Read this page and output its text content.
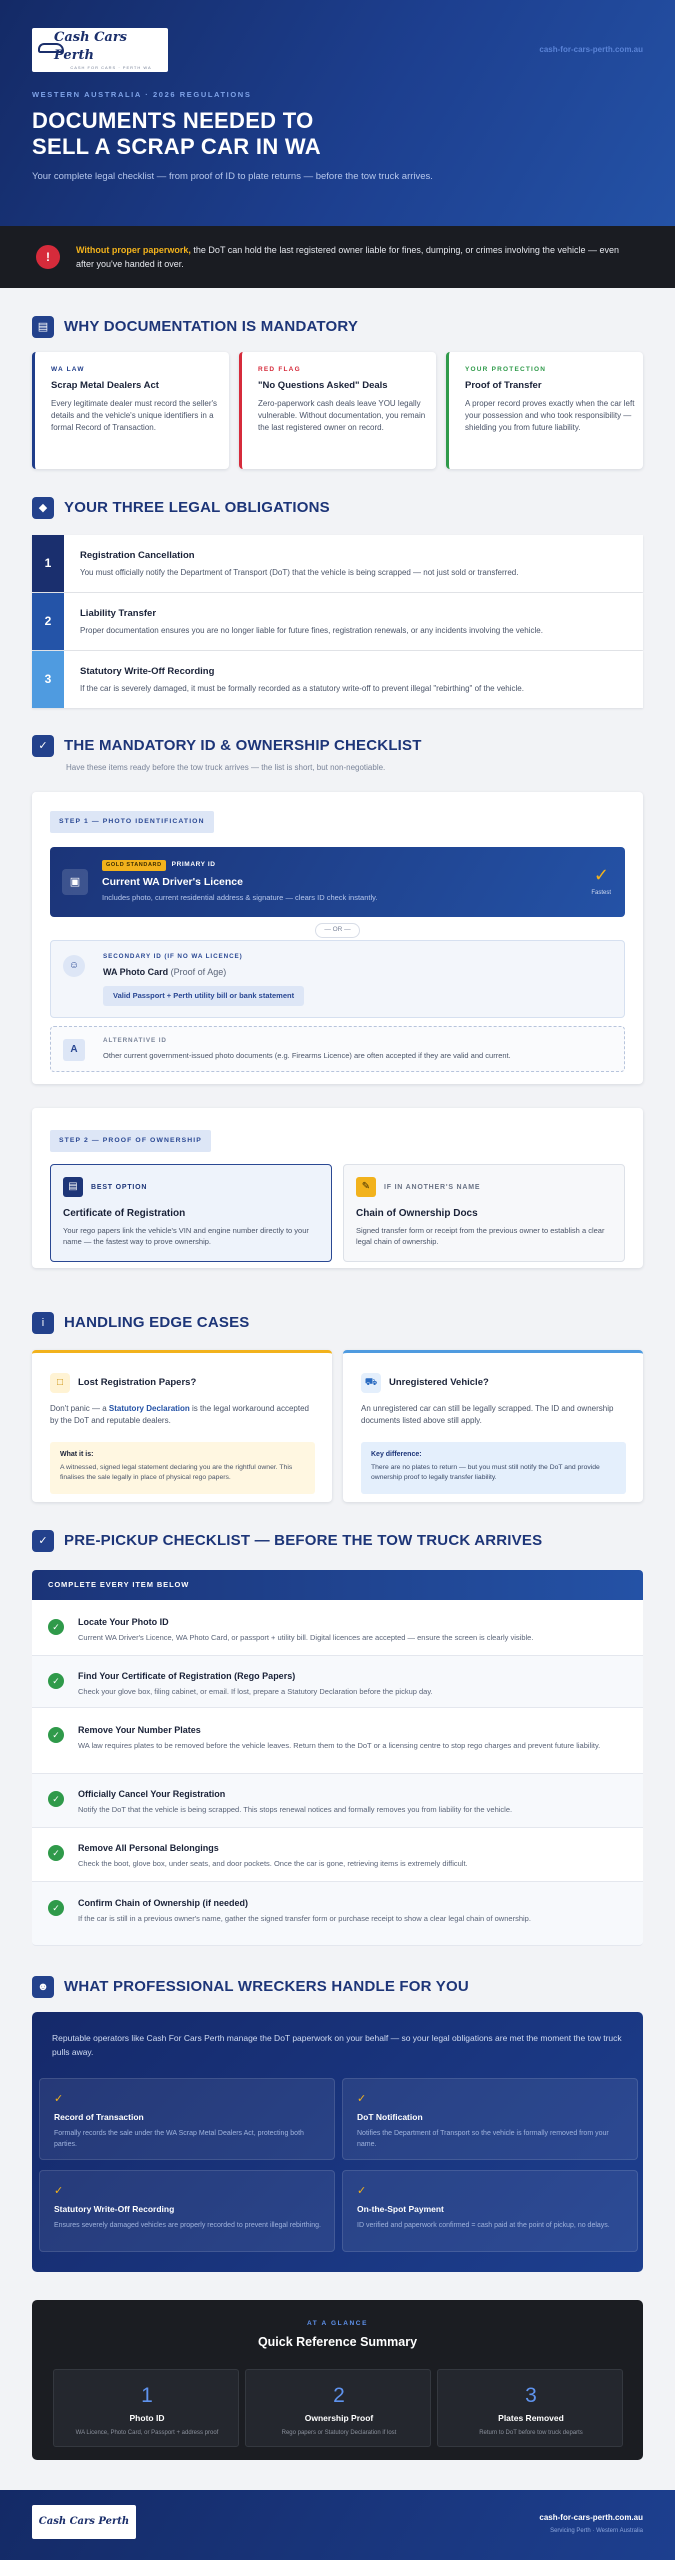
Cash Cars Perth
CASH FOR CARS · PERTH WA
cash-for-cars-perth.com.au
WESTERN AUSTRALIA · 2026 REGULATIONS
DOCUMENTS NEEDED TO
SELL A SCRAP CAR IN WA
Your complete legal checklist — from proof of ID to plate returns — before the tow truck arrives.
!	Without proper paperwork, the DoT can hold the last registered owner liable for fines, dumping, or crimes involving the vehicle — even after you've handed it over.
▤	WHY DOCUMENTATION IS MANDATORY
WA LAW
Scrap Metal Dealers Act
Every legitimate dealer must record the seller's details and the vehicle's unique identifiers in a formal Record of Transaction.
RED FLAG
"No Questions Asked" Deals
Zero-paperwork cash deals leave YOU legally vulnerable. Without documentation, you remain the last registered owner on record.
YOUR PROTECTION
Proof of Transfer
A proper record proves exactly when the car left your possession and who took responsibility — shielding you from future liability.
◆	YOUR THREE LEGAL OBLIGATIONS
1
Registration Cancellation
You must officially notify the Department of Transport (DoT) that the vehicle is being scrapped — not just sold or transferred.
2
Liability Transfer
Proper documentation ensures you are no longer liable for future fines, registration renewals, or any incidents involving the vehicle.
3
Statutory Write-Off Recording
If the car is severely damaged, it must be formally recorded as a statutory write-off to prevent illegal "rebirthing" of the vehicle.
✓	THE MANDATORY ID & OWNERSHIP CHECKLIST
Have these items ready before the tow truck arrives — the list is short, but non-negotiable.
STEP 1 — PHOTO IDENTIFICATION
▣
GOLD STANDARD	PRIMARY ID
Current WA Driver's Licence
Includes photo, current residential address & signature — clears ID check instantly.
✓
Fastest
— OR —
☺
SECONDARY ID (IF NO WA LICENCE)
WA Photo Card (Proof of Age)
Valid Passport + Perth utility bill or bank statement
A
ALTERNATIVE ID
Other current government-issued photo documents (e.g. Firearms Licence) are often accepted if they are valid and current.
STEP 2 — PROOF OF OWNERSHIP
▤	BEST OPTION
Certificate of Registration
Your rego papers link the vehicle's VIN and engine number directly to your name — the fastest way to prove ownership.
✎	IF IN ANOTHER'S NAME
Chain of Ownership Docs
Signed transfer form or receipt from the previous owner to establish a clear legal chain of ownership.
i	HANDLING EDGE CASES
□	Lost Registration Papers?
Don't panic — a Statutory Declaration is the legal workaround accepted by the DoT and reputable dealers.
What it is:
A witnessed, signed legal statement declaring you are the rightful owner. This finalises the sale legally in place of physical rego papers.
⛟	Unregistered Vehicle?
An unregistered car can still be legally scrapped. The ID and ownership documents listed above still apply.
Key difference:
There are no plates to return — but you must still notify the DoT and provide ownership proof to legally transfer liability.
✓	PRE-PICKUP CHECKLIST — BEFORE THE TOW TRUCK ARRIVES
COMPLETE EVERY ITEM BELOW
✓	Locate Your Photo ID
Current WA Driver's Licence, WA Photo Card, or passport + utility bill. Digital licences are accepted — ensure the screen is clearly visible.
✓	Find Your Certificate of Registration (Rego Papers)
Check your glove box, filing cabinet, or email. If lost, prepare a Statutory Declaration before the pickup day.
✓	Remove Your Number Plates
WA law requires plates to be removed before the vehicle leaves. Return them to the DoT or a licensing centre to stop rego charges and prevent future liability.
✓	Officially Cancel Your Registration
Notify the DoT that the vehicle is being scrapped. This stops renewal notices and formally removes you from liability for the vehicle.
✓	Remove All Personal Belongings
Check the boot, glove box, under seats, and door pockets. Once the car is gone, retrieving items is extremely difficult.
✓	Confirm Chain of Ownership (if needed)
If the car is still in a previous owner's name, gather the signed transfer form or purchase receipt to show a clear legal chain of ownership.
☻	WHAT PROFESSIONAL WRECKERS HANDLE FOR YOU
Reputable operators like Cash For Cars Perth manage the DoT paperwork on your behalf — so your legal obligations are met the moment the tow truck pulls away.
✓
Record of Transaction
Formally records the sale under the WA Scrap Metal Dealers Act, protecting both parties.
✓
DoT Notification
Notifies the Department of Transport so the vehicle is formally removed from your name.
✓
Statutory Write-Off Recording
Ensures severely damaged vehicles are properly recorded to prevent illegal rebirthing.
✓
On-the-Spot Payment
ID verified and paperwork confirmed = cash paid at the point of pickup, no delays.
AT A GLANCE
Quick Reference Summary
1
Photo ID
WA Licence, Photo Card, or Passport + address proof
2
Ownership Proof
Rego papers or Statutory Declaration if lost
3
Plates Removed
Return to DoT before tow truck departs
Cash Cars Perth	cash-for-cars-perth.com.au
Servicing Perth · Western Australia
